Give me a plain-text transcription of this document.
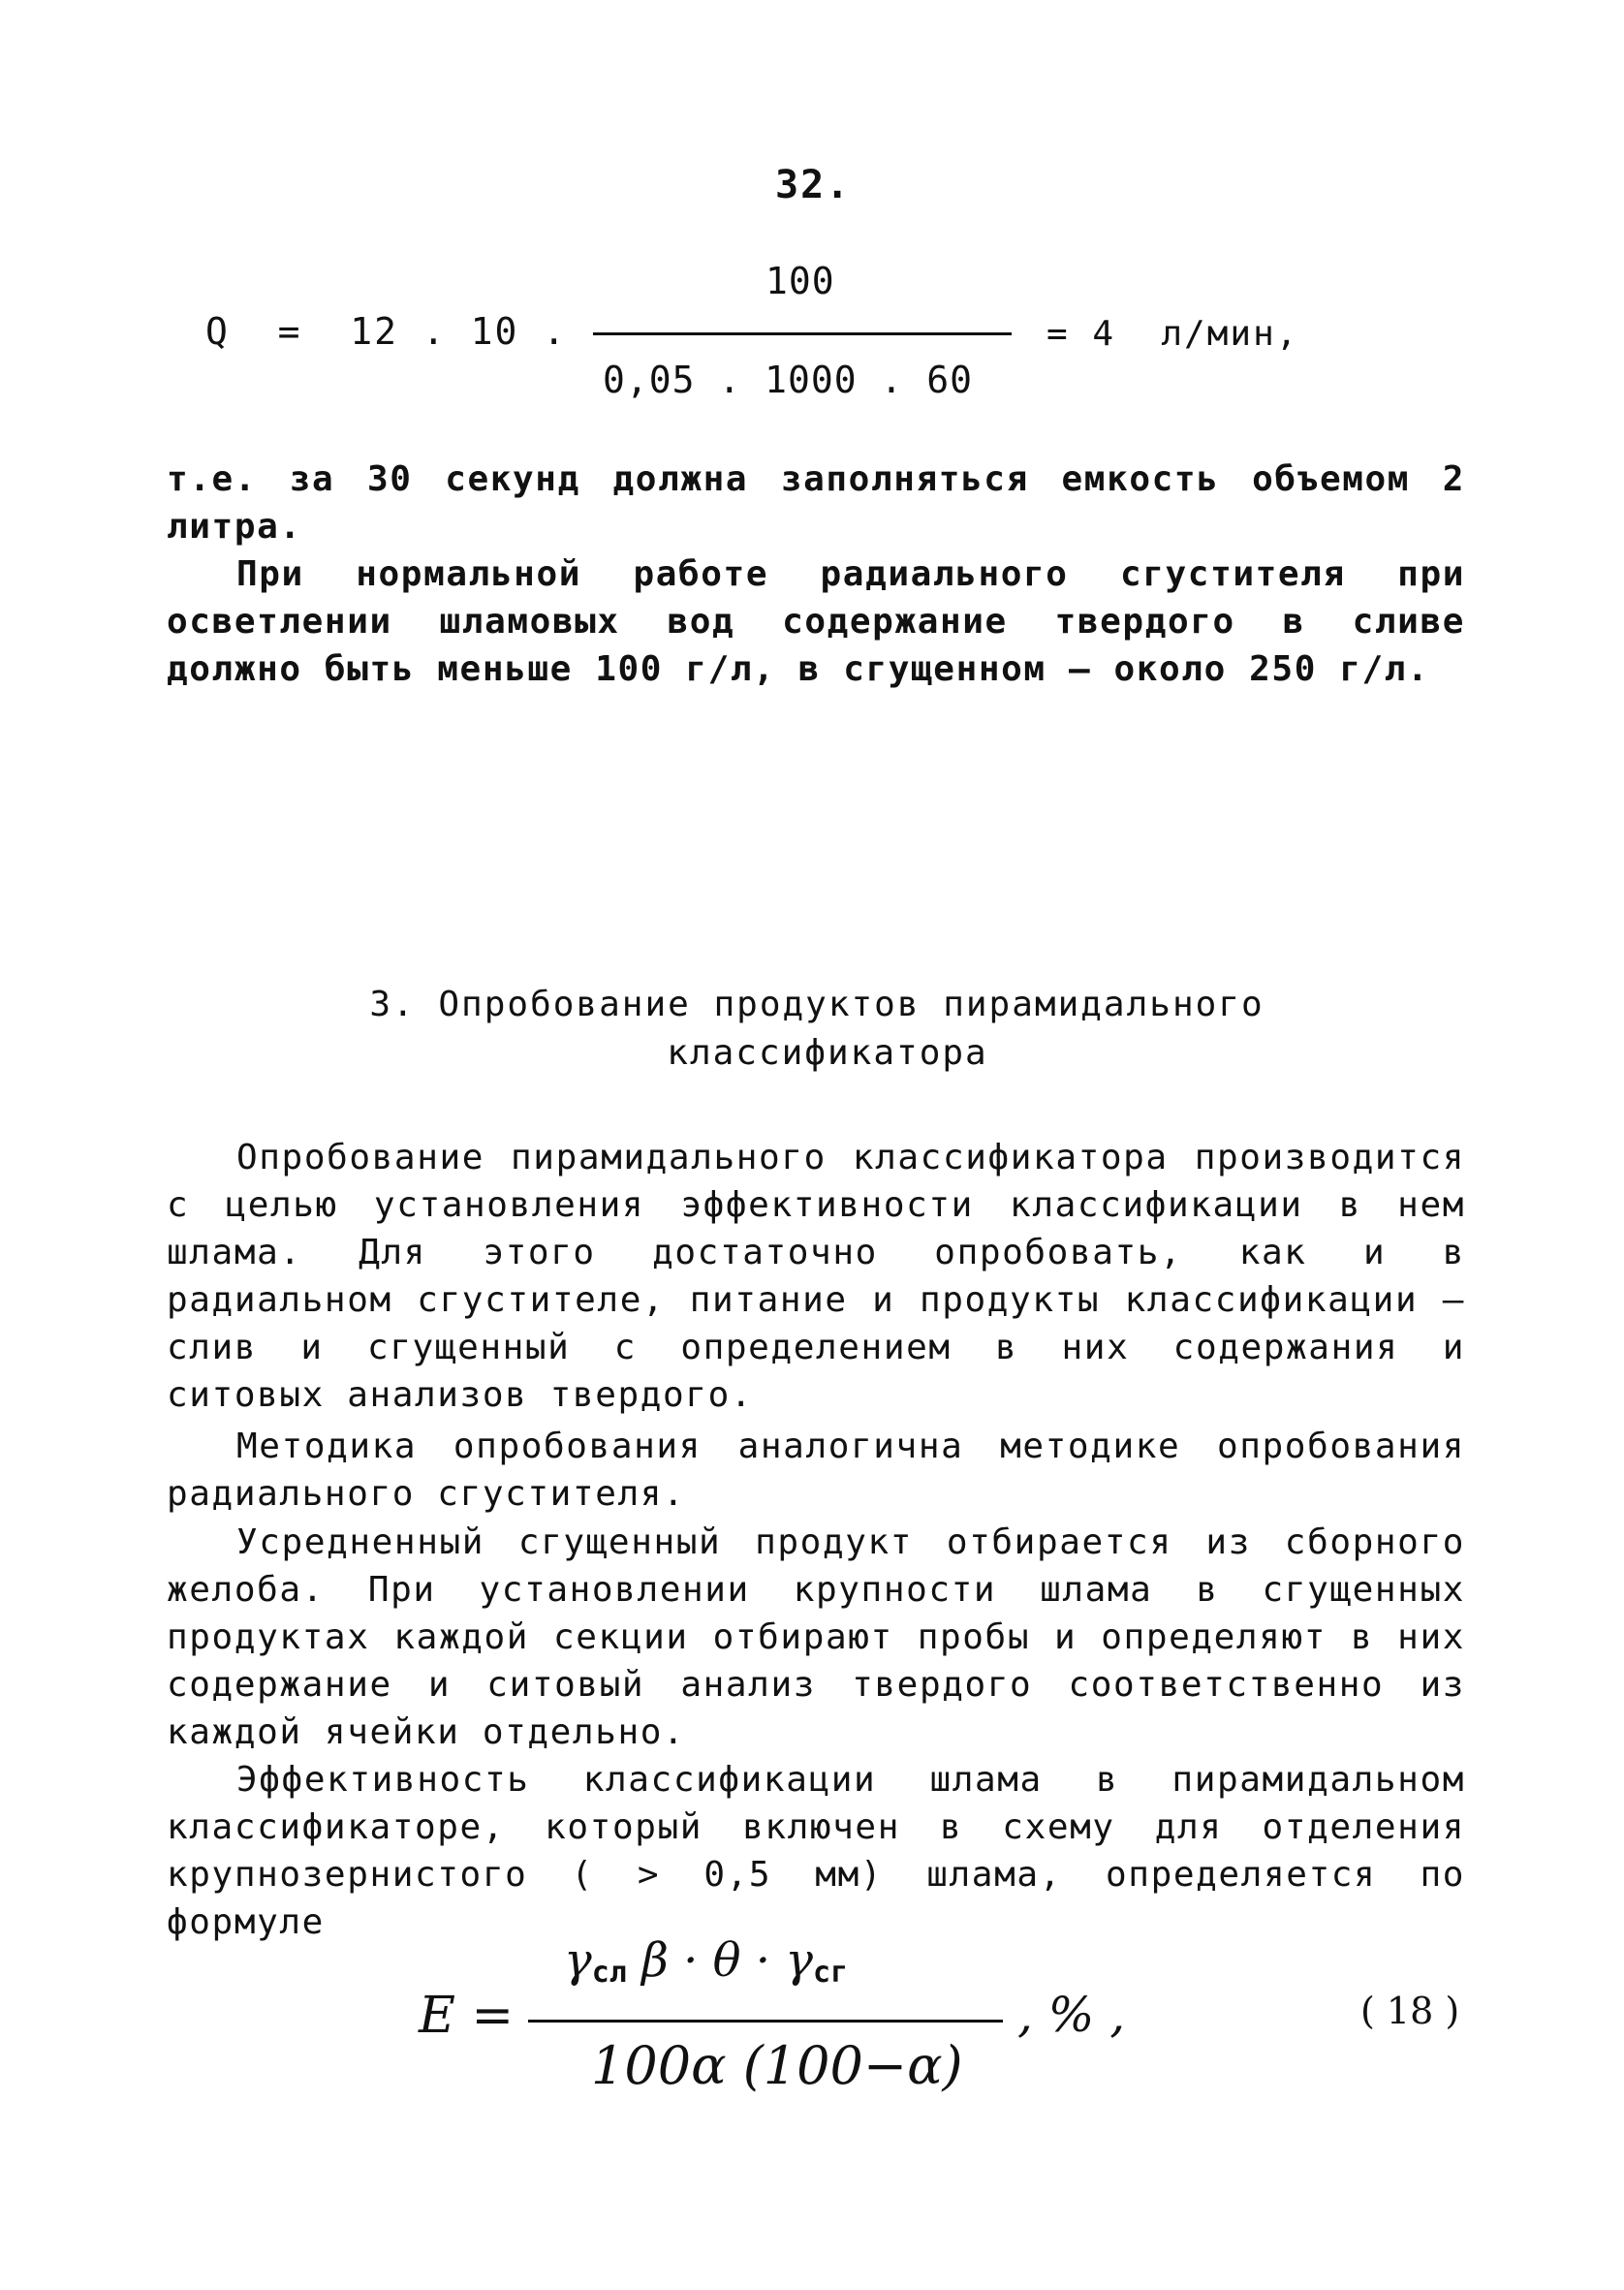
32.
Q  =  12 . 10 .
100
0,05 . 1000 . 60
= 4  л/мин,
т.е. за 30 секунд должна заполняться емкость объемом 2 литра.
При нормальной работе радиального сгустителя при осветлении шламовых вод содержание твердого в сливе должно быть меньше 100 г/л, в сгущенном – около 250 г/л.
3. Опробование продуктов пирамидального
классификатора
Опробование пирамидального классификатора производится с целью установления эффективности классификации в нем шлама. Для этого достаточно опробовать, как и в радиальном сгустителе, питание и продукты классификации – слив и сгущенный с определением в них содержания и ситовых анализов твердого.
Методика опробования аналогична методике опробования радиального сгустителя.
Усредненный сгущенный продукт отбирается из сборного желоба. При установлении крупности шлама в сгущенных продуктах каждой секции отбирают пробы и определяют в них содержание и ситовый анализ твердого соответственно из каждой ячейки отдельно.
Эффективность классификации шлама в пирамидальном классификаторе, который включен в схему для отделения крупнозернистого ( > 0,5 мм) шлама, определяется по формуле
E =
$\gamma_{сл}$ $\beta \cdot \theta \cdot \gamma_{сг}$
100α (100−α)
, % ,	( 18 )
